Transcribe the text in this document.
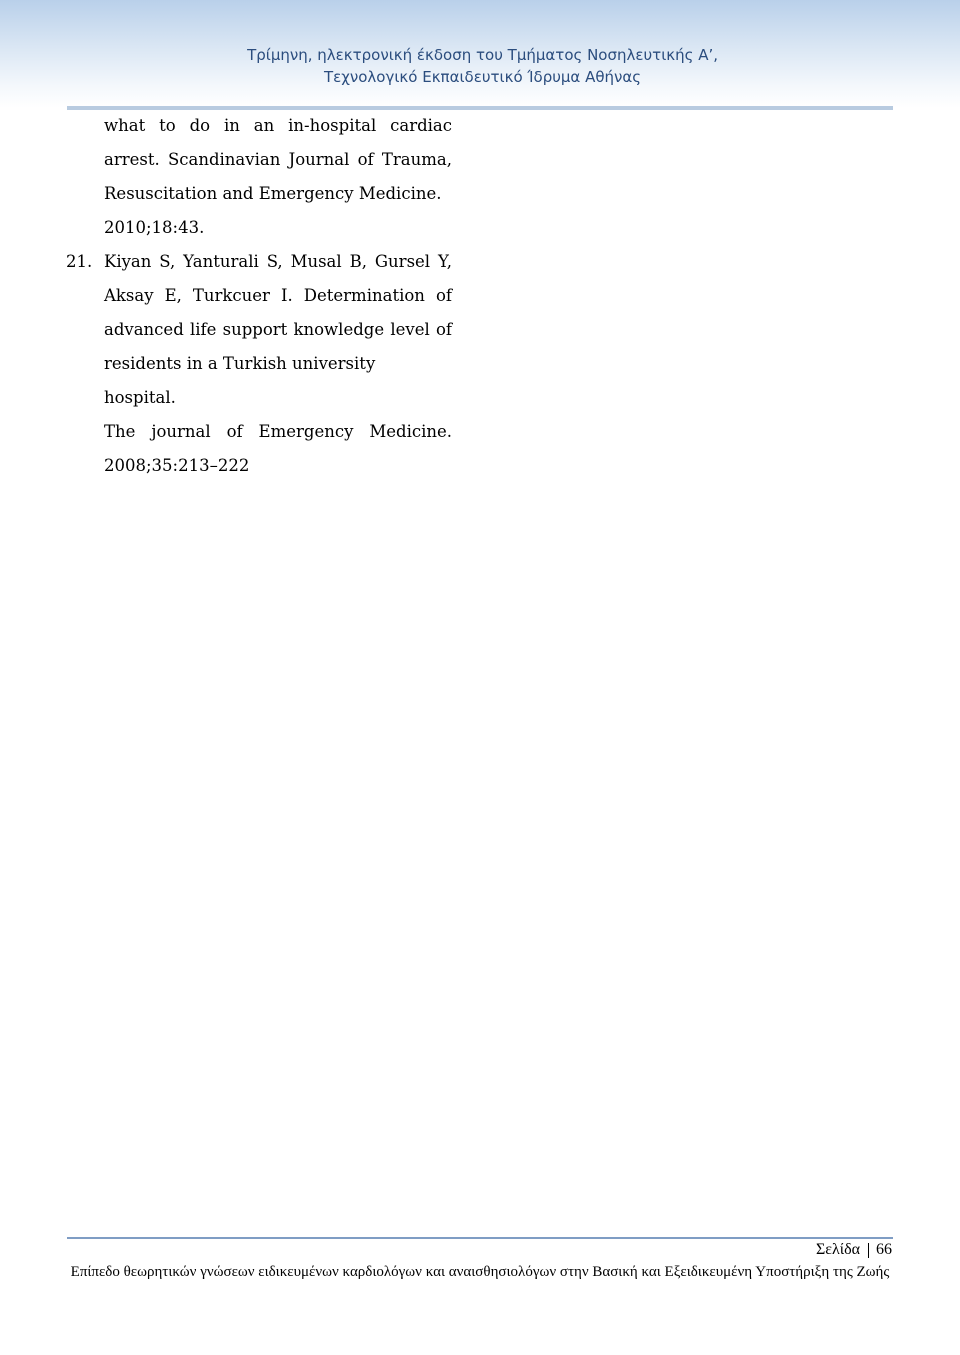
Τρίμηνη, ηλεκτρονική έκδοση του Τμήματος Νοσηλευτικής Α’,
Τεχνολογικό Εκπαιδευτικό Ίδρυμα Αθήνας
what to do in an in-hospital cardiac
arrest. Scandinavian Journal of Trauma,
Resuscitation and Emergency Medicine.
2010;18:43.
21. Kiyan S, Yanturali S, Musal B, Gursel Y,
Aksay E, Turkcuer I. Determination of
advanced life support knowledge level of
residents in a Turkish university hospital.
The journal of Emergency Medicine.
2008;35:213–222
Σελίδα 66
Επίπεδο θεωρητικών γνώσεων ειδικευμένων καρδιολόγων και αναισθησιολόγων στην Βασική και Εξειδικευμένη Υποστήριξη της Ζωής
